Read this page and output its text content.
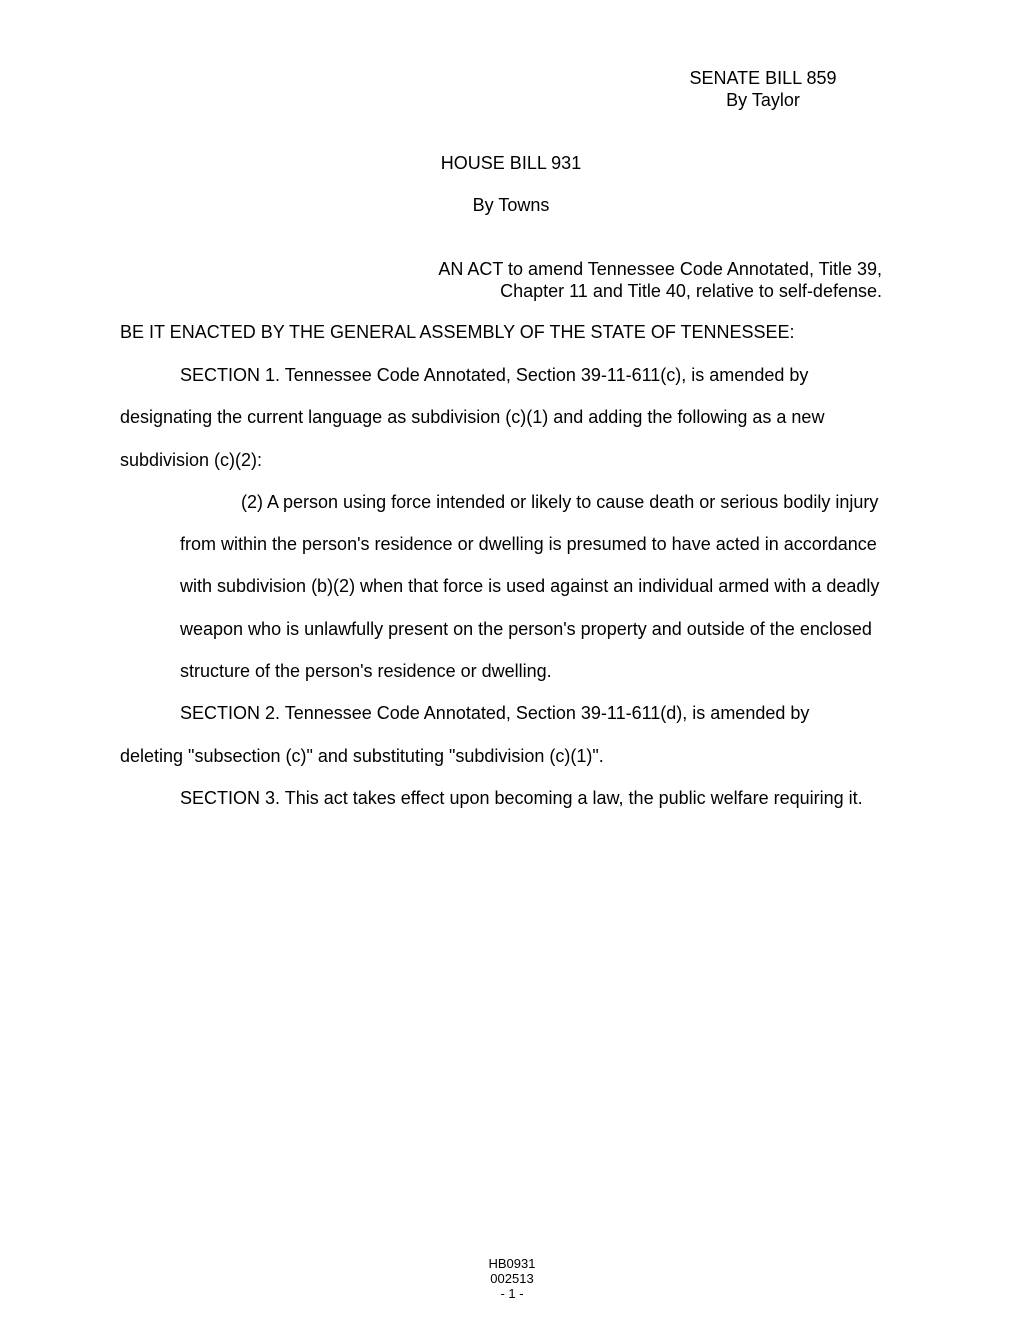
SENATE BILL 859
By Taylor
HOUSE BILL 931
By Towns
AN ACT to amend Tennessee Code Annotated, Title 39,
Chapter 11 and Title 40, relative to self-defense.
BE IT ENACTED BY THE GENERAL ASSEMBLY OF THE STATE OF TENNESSEE:
SECTION 1. Tennessee Code Annotated, Section 39-11-611(c), is amended by
designating the current language as subdivision (c)(1) and adding the following as a new
subdivision (c)(2):
(2) A person using force intended or likely to cause death or serious bodily injury
from within the person's residence or dwelling is presumed to have acted in accordance
with subdivision (b)(2) when that force is used against an individual armed with a deadly
weapon who is unlawfully present on the person's property and outside of the enclosed
structure of the person's residence or dwelling.
SECTION 2. Tennessee Code Annotated, Section 39-11-611(d), is amended by
deleting "subsection (c)" and substituting "subdivision (c)(1)".
SECTION 3. This act takes effect upon becoming a law, the public welfare requiring it.
HB0931
002513
- 1 -
